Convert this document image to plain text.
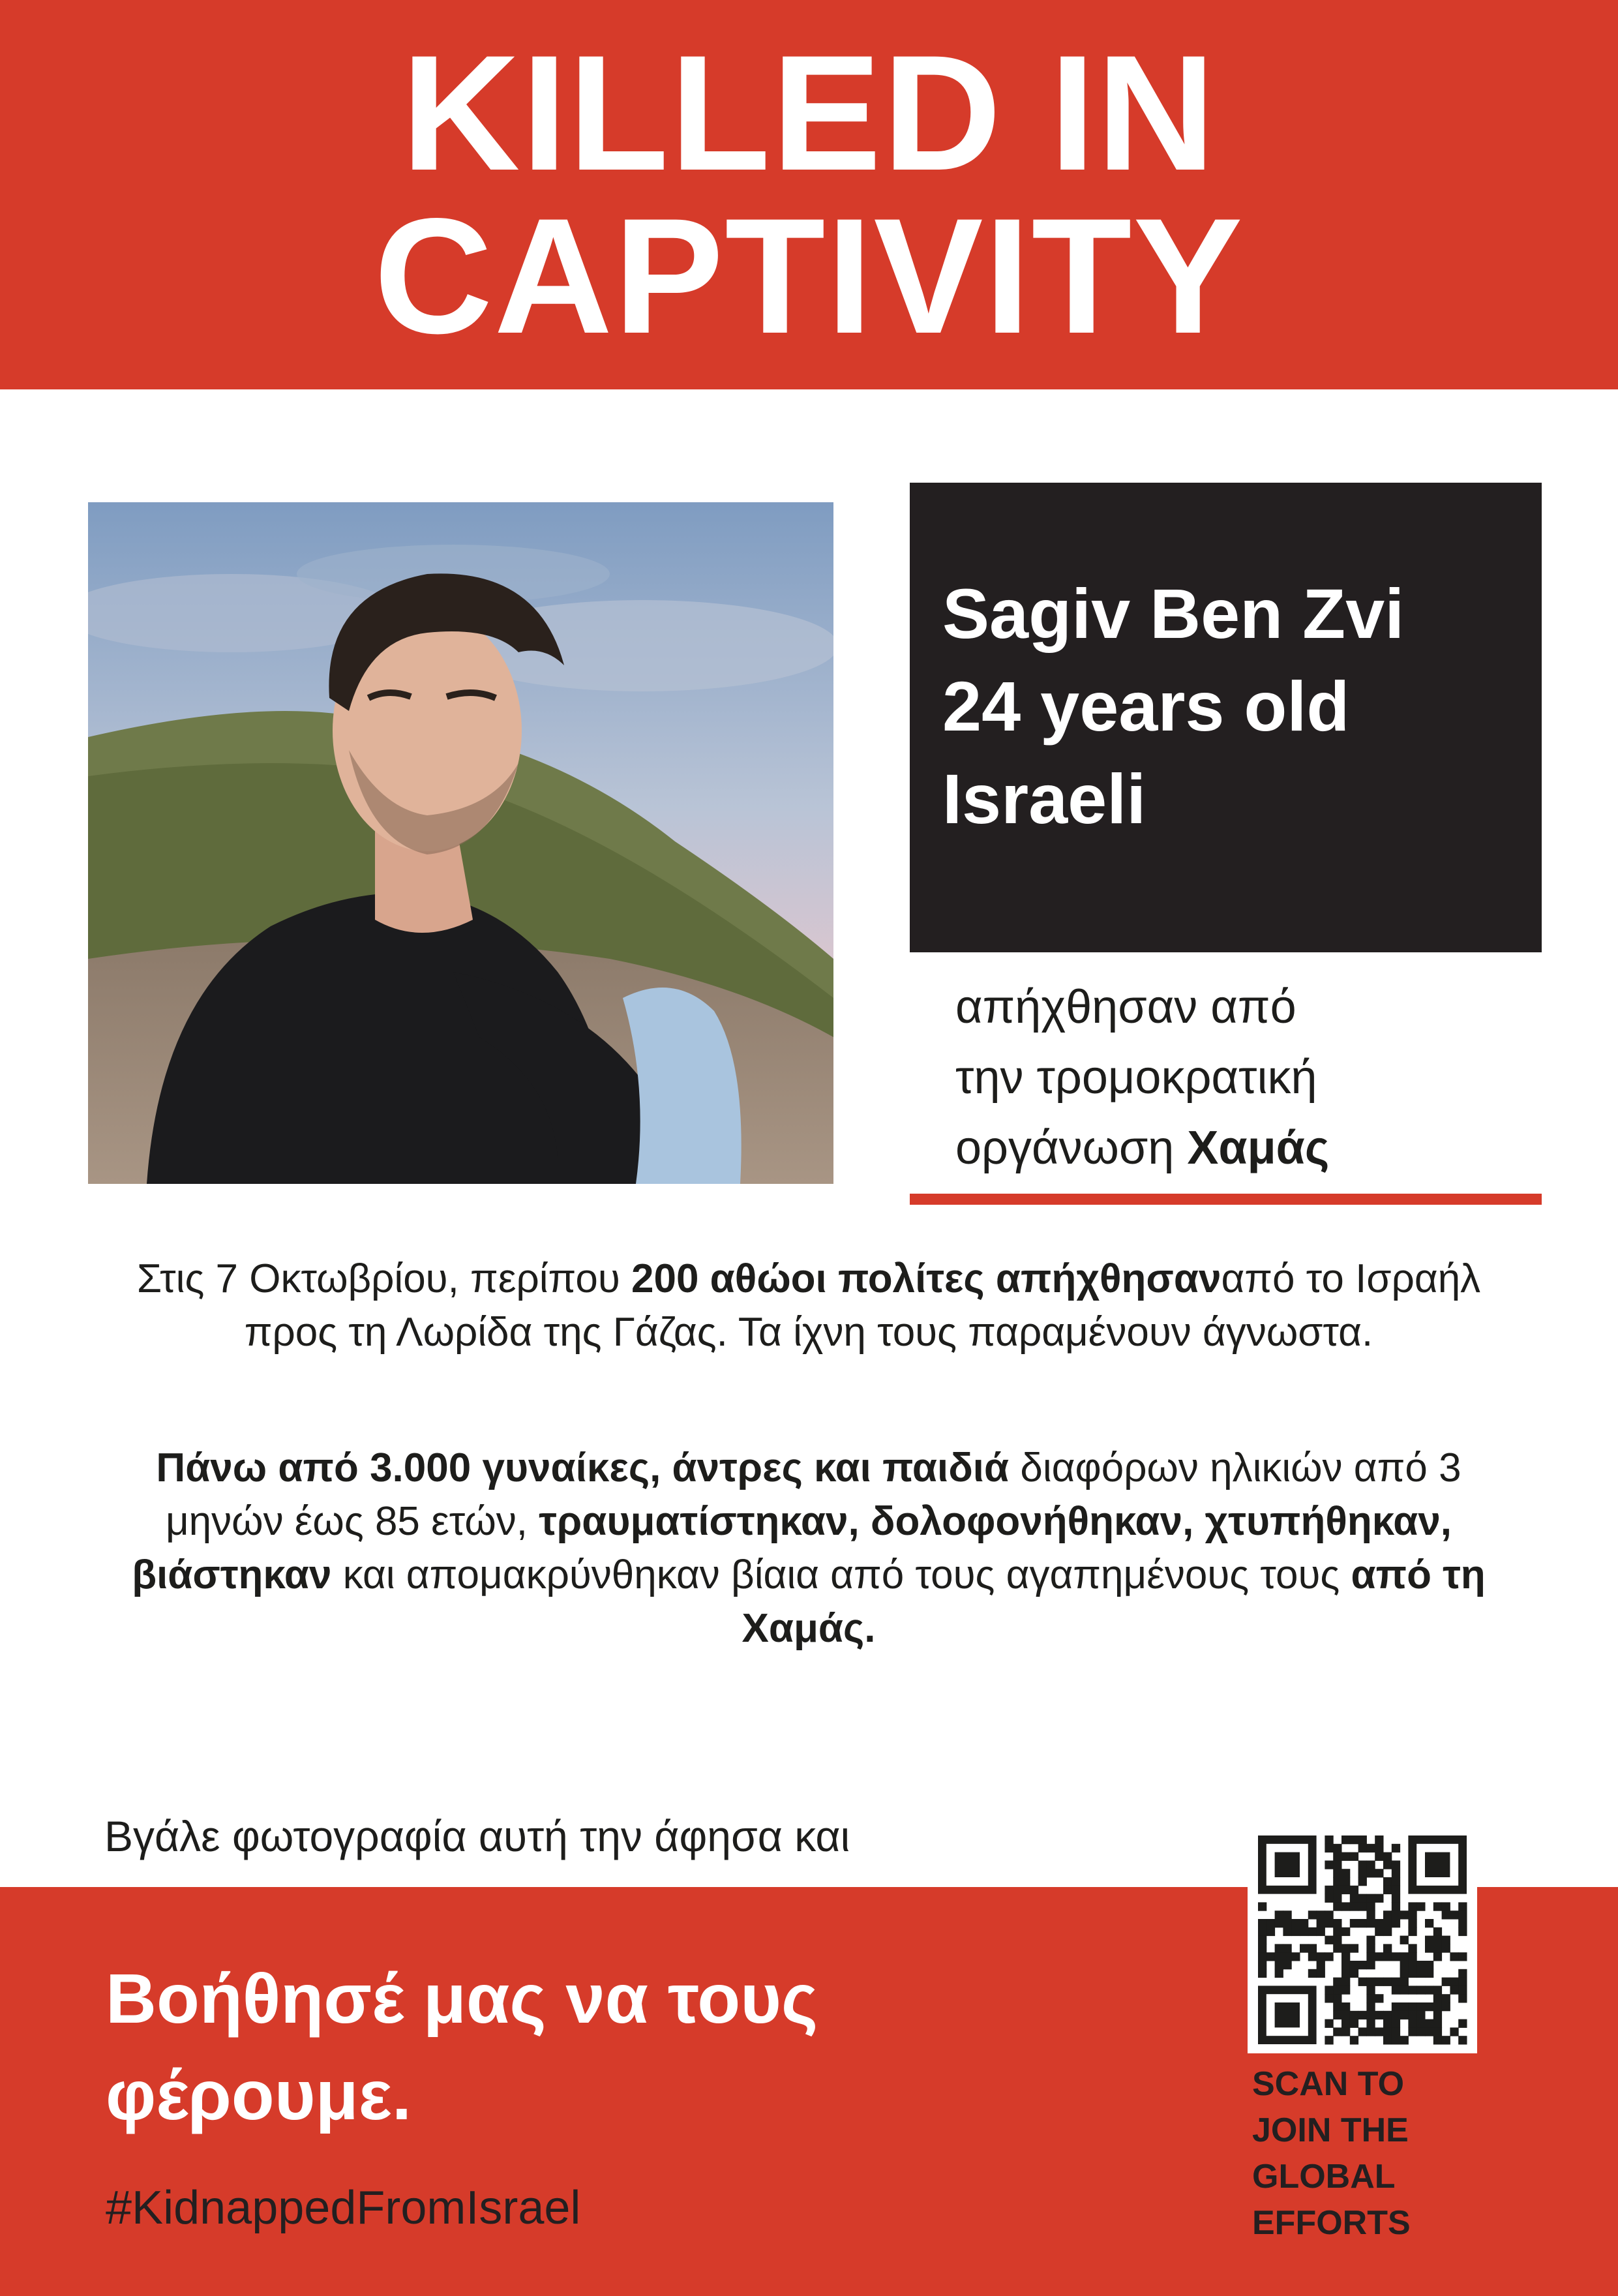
KILLED IN
CAPTIVITY
Sagiv Ben Zvi
24 years old
Israeli
απήχθησαν από
την τρομοκρατική
οργάνωση Χαμάς
Στις 7 Οκτωβρίου, περίπου 200 αθώοι πολίτες απήχθησαναπό το Ισραήλ προς τη Λωρίδα της Γάζας. Τα ίχνη τους παραμένουν άγνωστα.
Πάνω από 3.000 γυναίκες, άντρες και παιδιά διαφόρων ηλικιών από 3 μηνών έως 85 ετών, τραυματίστηκαν, δολοφονήθηκαν, χτυπήθηκαν, βιάστηκαν και απομακρύνθηκαν βίαια από τους αγαπημένους τους από τη Χαμάς.
Βγάλε φωτογραφία αυτή την άφησα και
Βοήθησέ μας να τους
φέρουμε.
#KidnappedFromIsrael
SCAN TO
JOIN THE
GLOBAL
EFFORTS
